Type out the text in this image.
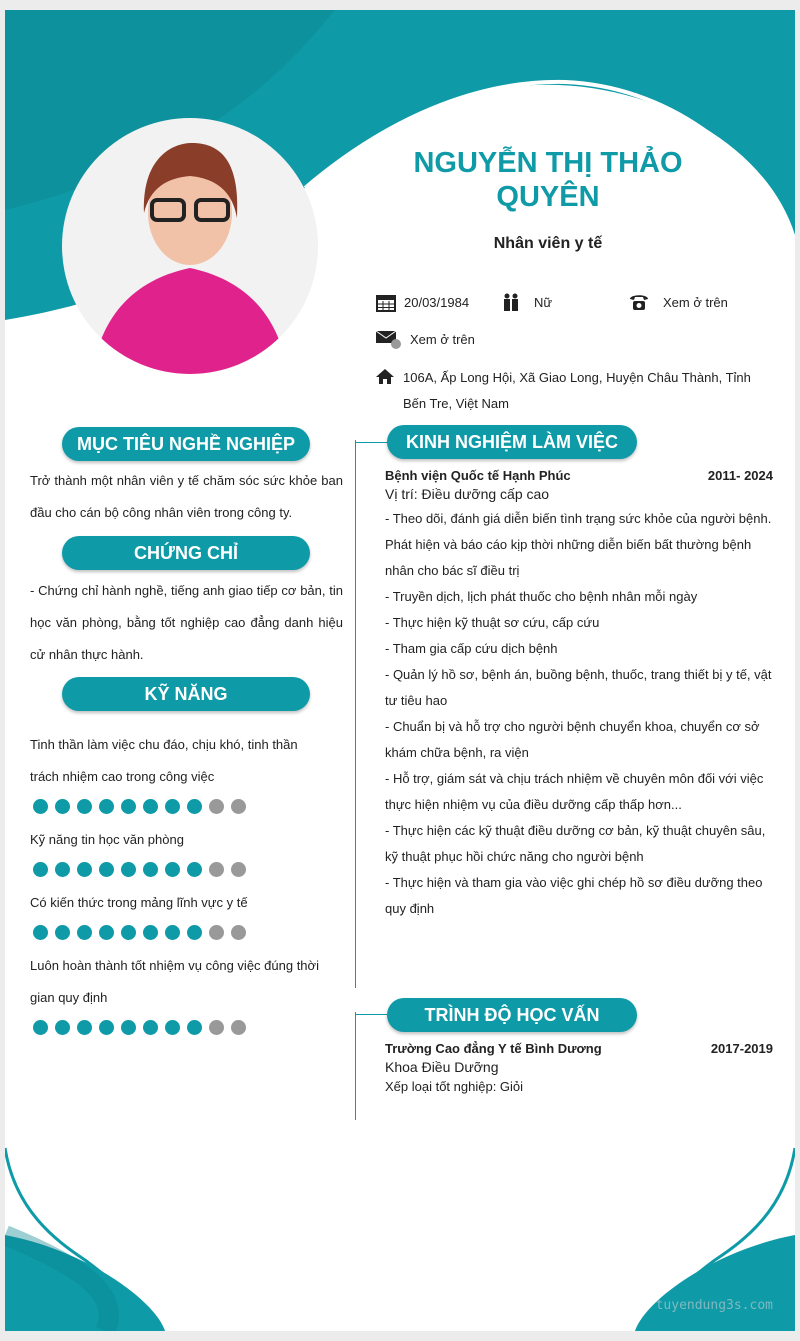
NGUYỄN THỊ THẢO
QUYÊN
Nhân viên y tế
20/03/1984	Nữ	Xem ở trên
Xem ở trên
106A, Ấp Long Hội, Xã Giao Long, Huyện Châu Thành, Tỉnh
Bến Tre, Việt Nam
MỤC TIÊU NGHỀ NGHIỆP
Trở thành một nhân viên y tế chăm sóc sức khỏe ban đầu cho cán bộ công nhân viên trong công ty.
CHỨNG CHỈ
- Chứng chỉ hành nghề, tiếng anh giao tiếp cơ bản, tin học văn phòng, bằng tốt nghiệp cao đẳng danh hiệu cử nhân thực hành.
KỸ NĂNG
Tinh thần làm việc chu đáo, chịu khó, tinh thần trách nhiệm cao trong công việc
Kỹ năng tin học văn phòng
Có kiến thức trong mảng lĩnh vực y tế
Luôn hoàn thành tốt nhiệm vụ công việc đúng thời gian quy định
KINH NGHIỆM LÀM VIỆC
Bệnh viện Quốc tế Hạnh Phúc	2011- 2024
Vị trí: Điều dưỡng cấp cao
- Theo dõi, đánh giá diễn biến tình trạng sức khỏe của người bệnh. Phát hiện và báo cáo kịp thời những diễn biến bất thường bệnh nhân cho bác sĩ điều trị
- Truyền dịch, lịch phát thuốc cho bệnh nhân mỗi ngày
- Thực hiện kỹ thuật sơ cứu, cấp cứu
- Tham gia cấp cứu dịch bệnh
- Quản lý hồ sơ, bệnh án, buồng bệnh, thuốc, trang thiết bị y tế, vật tư tiêu hao
- Chuẩn bị và hỗ trợ cho người bệnh chuyển khoa, chuyển cơ sở khám chữa bệnh, ra viện
- Hỗ trợ, giám sát và chịu trách nhiệm về chuyên môn đối với việc thực hiện nhiệm vụ của điều dưỡng cấp thấp hơn...
- Thực hiện các kỹ thuật điều dưỡng cơ bản, kỹ thuật chuyên sâu, kỹ thuật phục hồi chức năng cho người bệnh
- Thực hiện và tham gia vào việc ghi chép hồ sơ điều dưỡng theo quy định
TRÌNH ĐỘ HỌC VẤN
Trường Cao đẳng Y tế Bình Dương	2017-2019
Khoa Điều Dưỡng
Xếp loại tốt nghiệp: Giỏi
tuyendung3s.com
